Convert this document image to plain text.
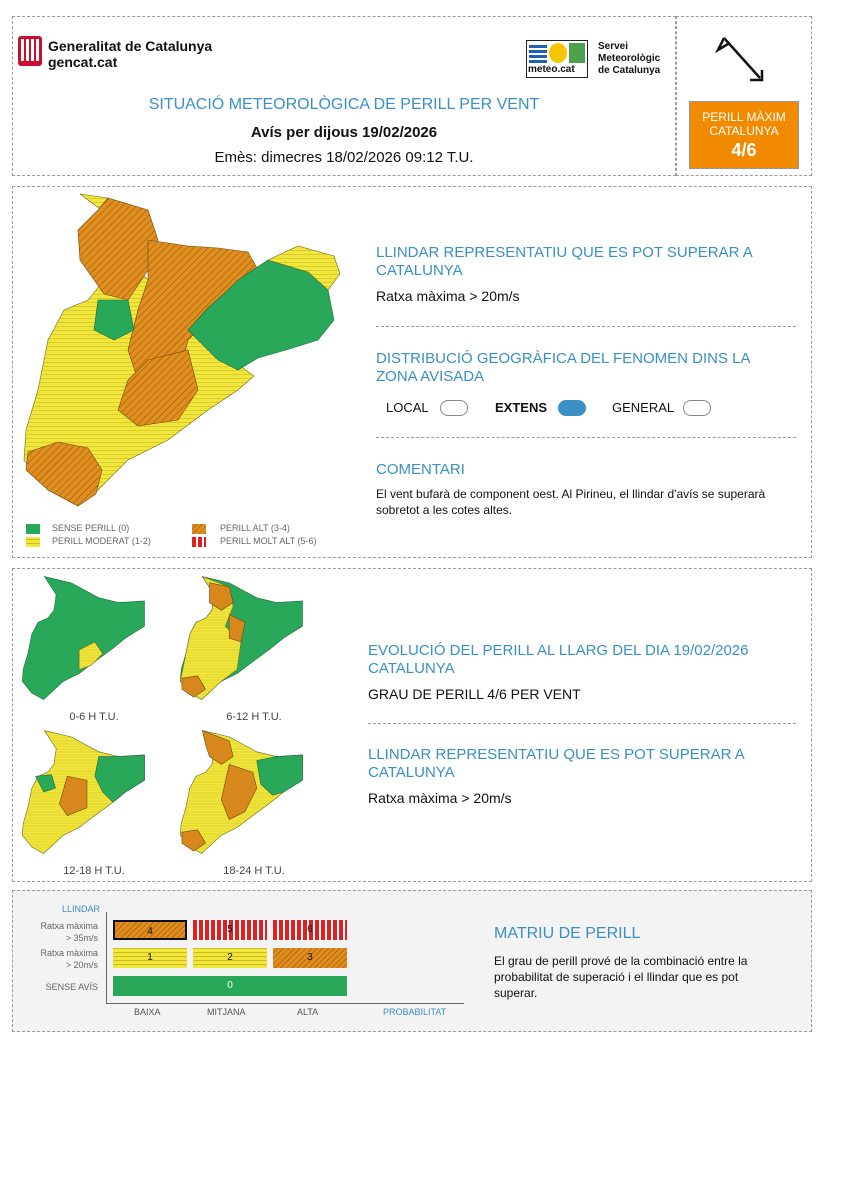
Generalitat de Catalunya
gencat.cat	meteo.cat
Servei
Meteorològic
de Catalunya
SITUACIÓ METEOROLÒGICA DE PERILL PER VENT
Avís per dijous 19/02/2026
Emès: dimecres 18/02/2026 09:12 T.U.
PERILL MÀXIM
CATALUNYA
4/6
SENSE PERILL (0)
PERILL MODERAT (1-2)
PERILL ALT (3-4)
PERILL MOLT ALT (5-6)
LLINDAR REPRESENTATIU QUE ES POT SUPERAR A CATALUNYA
Ratxa màxima > 20m/s
DISTRIBUCIÓ GEOGRÀFICA DEL FENOMEN DINS LA ZONA AVISADA
LOCAL	EXTENS	GENERAL
COMENTARI
El vent bufarà de component oest. Al Pirineu, el llindar d'avís se superarà sobretot a les cotes altes.
0-6 H T.U.	6-12 H T.U.
12-18 H T.U.	18-24 H T.U.
EVOLUCIÓ DEL PERILL AL LLARG DEL DIA 19/02/2026 CATALUNYA
GRAU DE PERILL 4/6 PER VENT
LLINDAR REPRESENTATIU QUE ES POT SUPERAR A CATALUNYA
Ratxa màxima > 20m/s
LLINDAR
Ratxa màxima
> 35m/s
Ratxa màxima
> 20m/s
SENSE AVÍS
4	5	6
1	2	3
0
BAIXA	MITJANA	ALTA	PROBABILITAT
MATRIU DE PERILL
El grau de perill prové de la combinació entre la probabilitat de superació i el llindar que es pot superar.
